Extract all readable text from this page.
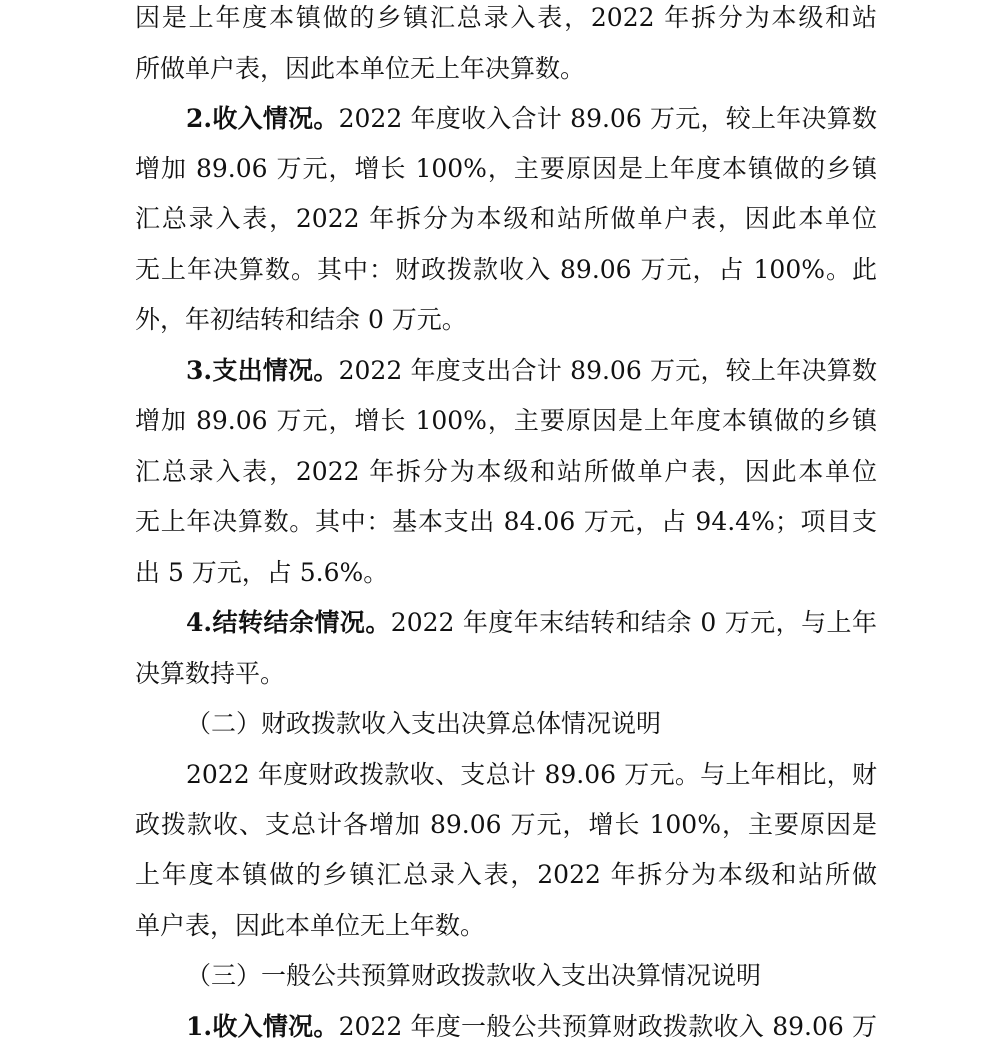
因是上年度本镇做的乡镇汇总录入表，2022 年拆分为本级和站
所做单户表，因此本单位无上年决算数。
2.收入情况。2022 年度收入合计 89.06 万元，较上年决算数
增加 89.06 万元，增长 100%，主要原因是上年度本镇做的乡镇
汇总录入表，2022 年拆分为本级和站所做单户表，因此本单位
无上年决算数。其中：财政拨款收入 89.06 万元，占 100%。此
外，年初结转和结余 0 万元。
3.支出情况。2022 年度支出合计 89.06 万元，较上年决算数
增加 89.06 万元，增长 100%，主要原因是上年度本镇做的乡镇
汇总录入表，2022 年拆分为本级和站所做单户表，因此本单位
无上年决算数。其中：基本支出 84.06 万元，占 94.4%；项目支
出 5 万元，占 5.6%。
4.结转结余情况。2022 年度年末结转和结余 0 万元，与上年
决算数持平。
（二）财政拨款收入支出决算总体情况说明
2022 年度财政拨款收、支总计 89.06 万元。与上年相比，财
政拨款收、支总计各增加 89.06 万元，增长 100%，主要原因是
上年度本镇做的乡镇汇总录入表，2022 年拆分为本级和站所做
单户表，因此本单位无上年数。
（三）一般公共预算财政拨款收入支出决算情况说明
1.收入情况。2022 年度一般公共预算财政拨款收入 89.06 万
